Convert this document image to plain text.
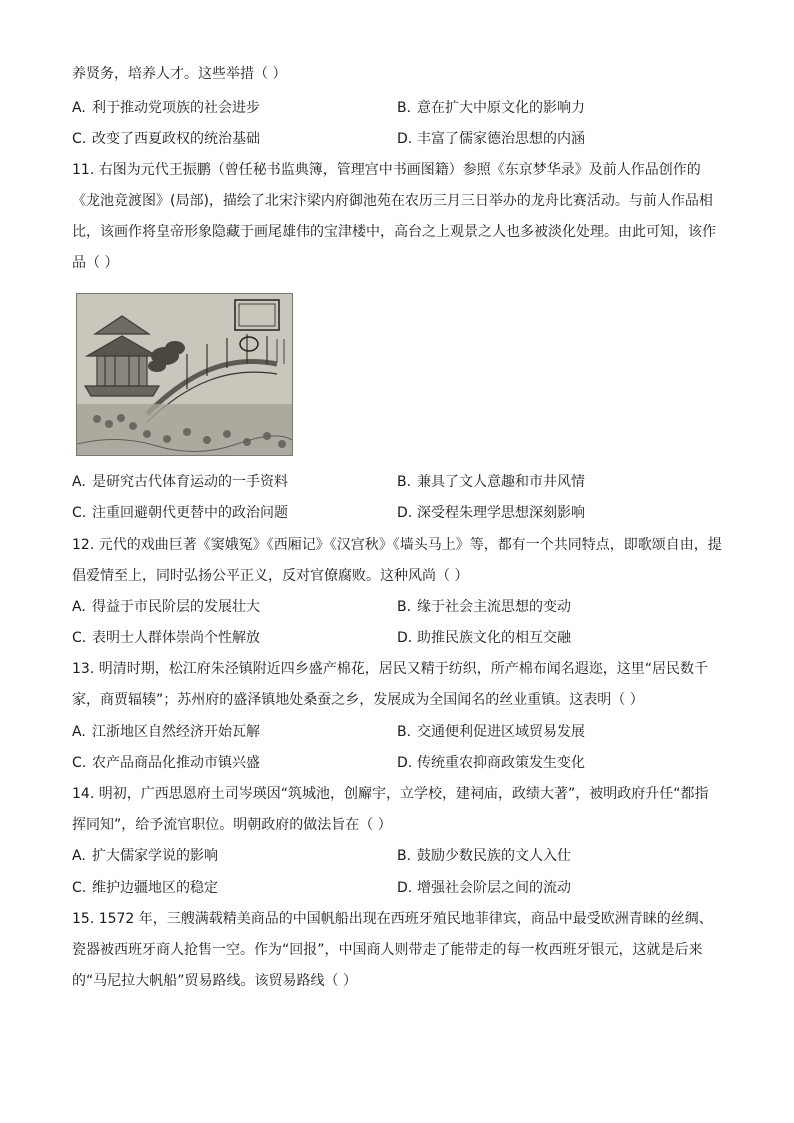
养贤务，培养人才。这些举措（ ）
A. 利于推动党项族的社会进步	B. 意在扩大中原文化的影响力
C. 改变了西夏政权的统治基础	D. 丰富了儒家德治思想的内涵
11. 右图为元代王振鹏（曾任秘书监典簿，管理宫中书画图籍）参照《东京梦华录》及前人作品创作的
《龙池竞渡图》(局部)，描绘了北宋汴梁内府御池苑在农历三月三日举办的龙舟比赛活动。与前人作品相
比，该画作将皇帝形象隐藏于画尾雄伟的宝津楼中，高台之上观景之人也多被淡化处理。由此可知，该作
品（ ）
A. 是研究古代体育运动的一手资料	B. 兼具了文人意趣和市井风情
C. 注重回避朝代更替中的政治问题	D. 深受程朱理学思想深刻影响
12. 元代的戏曲巨著《窦娥冤》《西厢记》《汉宫秋》《墙头马上》等，都有一个共同特点，即歌颂自由，提
倡爱情至上，同时弘扬公平正义，反对官僚腐败。这种风尚（ ）
A. 得益于市民阶层的发展壮大	B. 缘于社会主流思想的变动
C. 表明士人群体崇尚个性解放	D. 助推民族文化的相互交融
13. 明清时期，松江府朱泾镇附近四乡盛产棉花，居民又精于纺织，所产棉布闻名遐迩，这里“居民数千
家，商贾辐辏”；苏州府的盛泽镇地处桑蚕之乡，发展成为全国闻名的丝业重镇。这表明（ ）
A. 江浙地区自然经济开始瓦解	B. 交通便利促进区域贸易发展
C. 农产品商品化推动市镇兴盛	D. 传统重农抑商政策发生变化
14. 明初，广西思恩府土司岑瑛因“筑城池，创廨宇，立学校，建祠庙，政绩大著”，被明政府升任“都指
挥同知”，给予流官职位。明朝政府的做法旨在（ ）
A. 扩大儒家学说的影响	B. 鼓励少数民族的文人入仕
C. 维护边疆地区的稳定	D. 增强社会阶层之间的流动
15. 1572 年，三艘满载精美商品的中国帆船出现在西班牙殖民地菲律宾，商品中最受欧洲青睐的丝绸、
瓷器被西班牙商人抢售一空。作为“回报”，中国商人则带走了能带走的每一枚西班牙银元，这就是后来
的“马尼拉大帆船”贸易路线。该贸易路线（ ）
